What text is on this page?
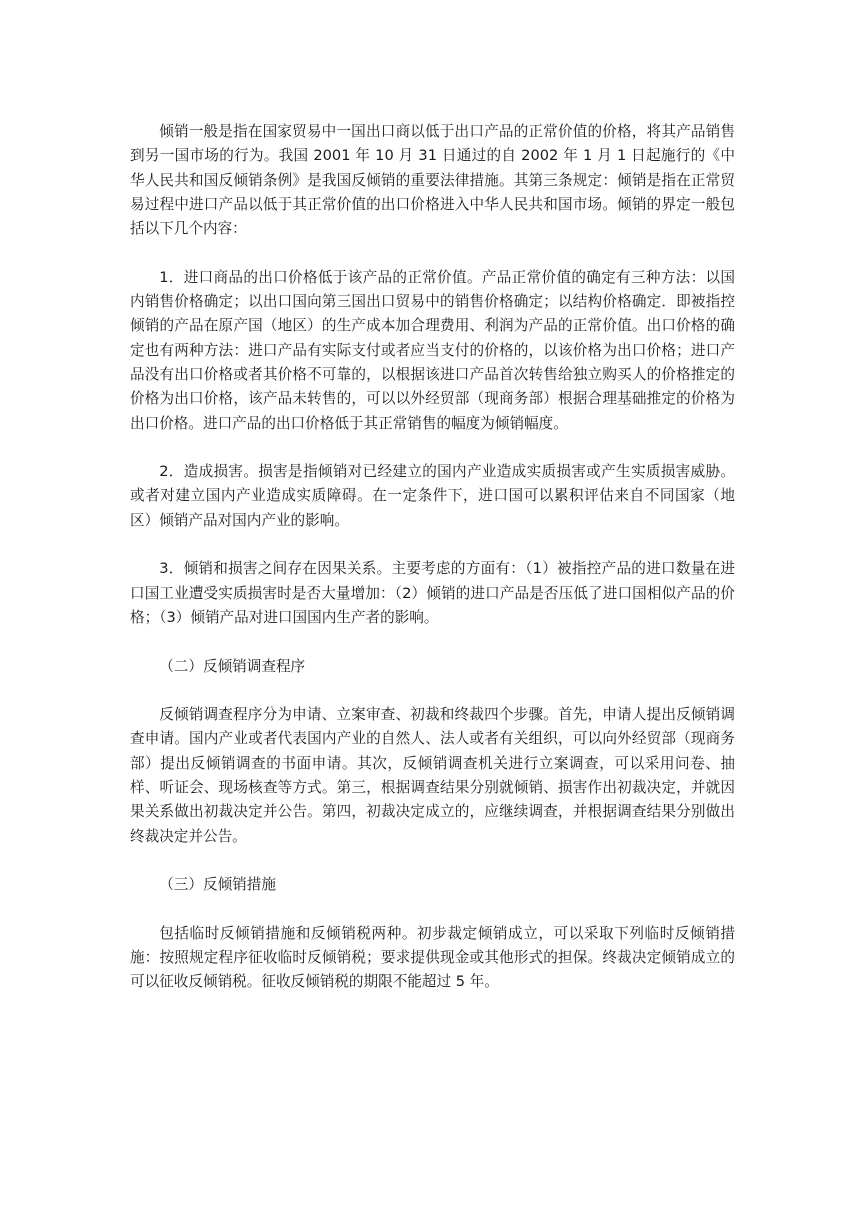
倾销一般是指在国家贸易中一国出口商以低于出口产品的正常价值的价格，将其产品销售到另一国市场的行为。我国 2001 年 10 月 31 日通过的自 2002 年 1 月 1 日起施行的《中华人民共和国反倾销条例》是我国反倾销的重要法律措施。其第三条规定：倾销是指在正常贸易过程中进口产品以低于其正常价值的出口价格进入中华人民共和国市场。倾销的界定一般包括以下几个内容：

1．进口商品的出口价格低于该产品的正常价值。产品正常价值的确定有三种方法：以国内销售价格确定；以出口国向第三国出口贸易中的销售价格确定；以结构价格确定．即被指控倾销的产品在原产国（地区）的生产成本加合理费用、利润为产品的正常价值。出口价格的确定也有两种方法：进口产品有实际支付或者应当支付的价格的，以该价格为出口价格；进口产品没有出口价格或者其价格不可靠的，以根据该进口产品首次转售给独立购买人的价格推定的价格为出口价格，该产品未转售的，可以以外经贸部（现商务部）根据合理基础推定的价格为出口价格。进口产品的出口价格低于其正常销售的幅度为倾销幅度。

2．造成损害。损害是指倾销对已经建立的国内产业造成实质损害或产生实质损害威胁。或者对建立国内产业造成实质障碍。在一定条件下，进口国可以累积评估来自不同国家（地区）倾销产品对国内产业的影响。

3．倾销和损害之间存在因果关系。主要考虑的方面有：（1）被指控产品的进口数量在进口国工业遭受实质损害时是否大量增加：（2）倾销的进口产品是否压低了进口国相似产品的价格；（3）倾销产品对进口国国内生产者的影响。

（二）反倾销调查程序

反倾销调查程序分为申请、立案审查、初裁和终裁四个步骤。首先，申请人提出反倾销调查申请。国内产业或者代表国内产业的自然人、法人或者有关组织，可以向外经贸部（现商务部）提出反倾销调查的书面申请。其次，反倾销调查机关进行立案调查，可以采用问卷、抽样、听证会、现场核查等方式。第三，根据调查结果分别就倾销、损害作出初裁决定，并就因果关系做出初裁决定并公告。第四，初裁决定成立的，应继续调查，并根据调查结果分别做出终裁决定并公告。

（三）反倾销措施

包括临时反倾销措施和反倾销税两种。初步裁定倾销成立，可以采取下列临时反倾销措施：按照规定程序征收临时反倾销税；要求提供现金或其他形式的担保。终裁决定倾销成立的可以征收反倾销税。征收反倾销税的期限不能超过 5 年。
